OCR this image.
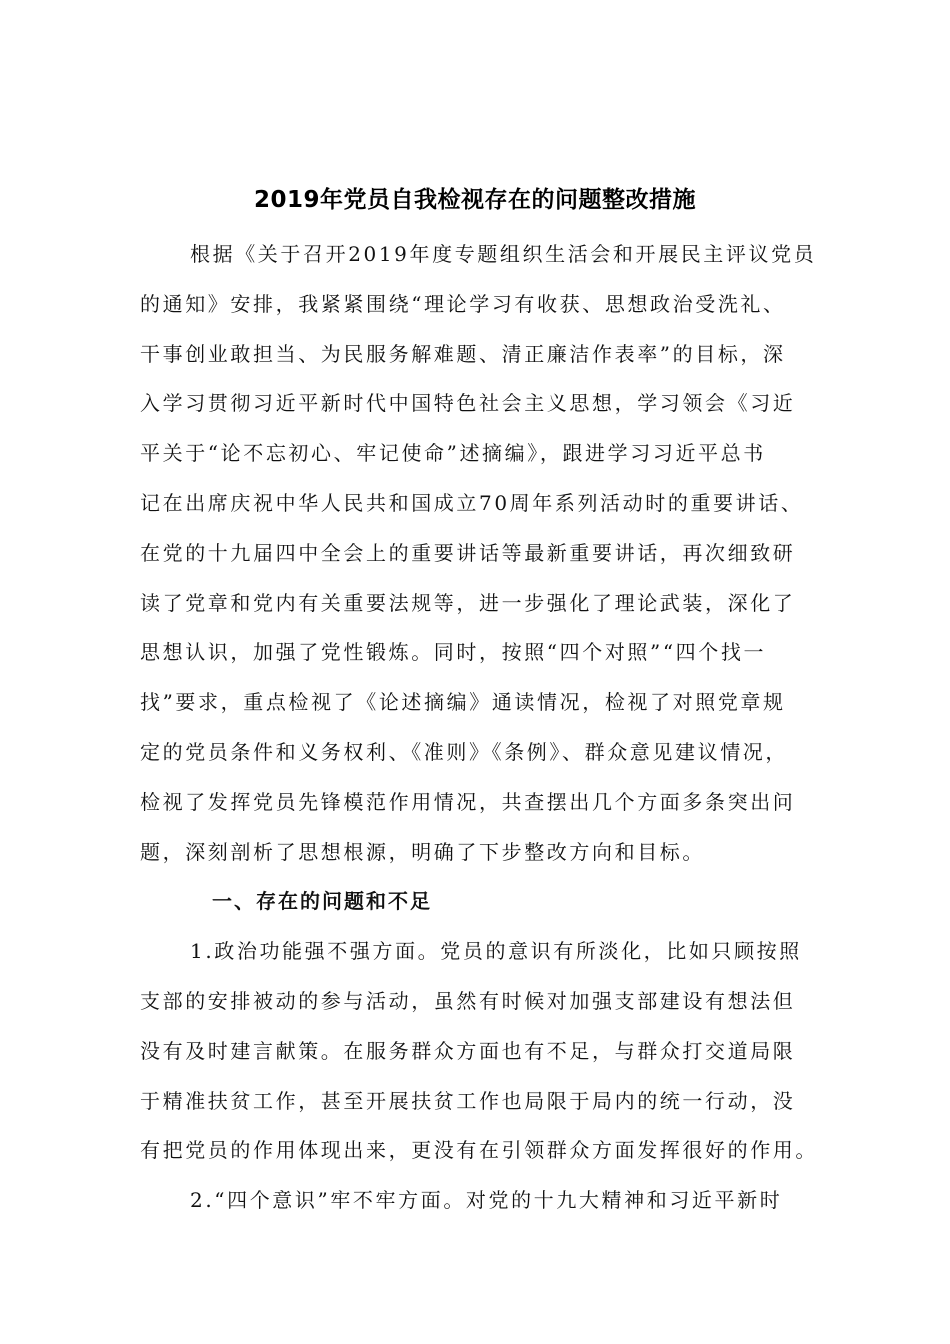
2019年党员自我检视存在的问题整改措施
根据《关于召开2019年度专题组织生活会和开展民主评议党员
的通知》安排，我紧紧围绕“理论学习有收获、思想政治受洗礼、
干事创业敢担当、为民服务解难题、清正廉洁作表率”的目标，深
入学习贯彻习近平新时代中国特色社会主义思想，学习领会《习近
平关于“论不忘初心、牢记使命”述摘编》，跟进学习习近平总书
记在出席庆祝中华人民共和国成立70周年系列活动时的重要讲话、
在党的十九届四中全会上的重要讲话等最新重要讲话，再次细致研
读了党章和党内有关重要法规等，进一步强化了理论武装，深化了
思想认识，加强了党性锻炼。同时，按照“四个对照”“四个找一
找”要求，重点检视了《论述摘编》通读情况，检视了对照党章规
定的党员条件和义务权利、《准则》《条例》、群众意见建议情况，
检视了发挥党员先锋模范作用情况，共查摆出几个方面多条突出问
题，深刻剖析了思想根源，明确了下步整改方向和目标。
一、存在的问题和不足
1.政治功能强不强方面。党员的意识有所淡化，比如只顾按照
支部的安排被动的参与活动，虽然有时候对加强支部建设有想法但
没有及时建言献策。在服务群众方面也有不足，与群众打交道局限
于精准扶贫工作，甚至开展扶贫工作也局限于局内的统一行动，没
有把党员的作用体现出来，更没有在引领群众方面发挥很好的作用。
2.“四个意识”牢不牢方面。对党的十九大精神和习近平新时
